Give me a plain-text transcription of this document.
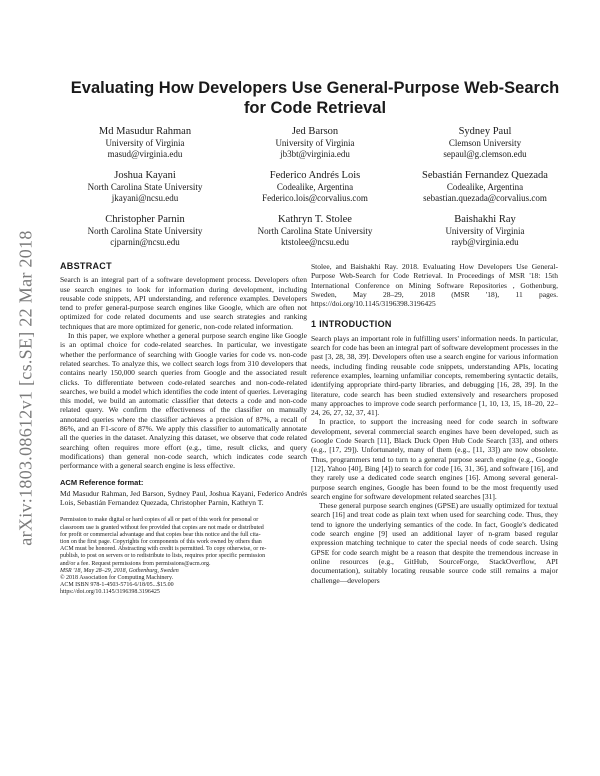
arXiv:1803.08612v1 [cs.SE] 22 Mar 2018
Evaluating How Developers Use General-Purpose Web-Search
for Code Retrieval
Md Masudur Rahman
University of Virginia
masud@virginia.edu
Jed Barson
University of Virginia
jb3bt@virginia.edu
Sydney Paul
Clemson University
sepaul@g.clemson.edu
Joshua Kayani
North Carolina State University
jkayani@ncsu.edu
Federico Andrés Lois
Codealike, Argentina
Federico.lois@corvalius.com
Sebastián Fernandez Quezada
Codealike, Argentina
sebastian.quezada@corvalius.com
Christopher Parnin
North Carolina State University
cjparnin@ncsu.edu
Kathryn T. Stolee
North Carolina State University
ktstolee@ncsu.edu
Baishakhi Ray
University of Virginia
rayb@virginia.edu
ABSTRACT

Search is an integral part of a software development process. Developers often use search engines to look for information during development, including reusable code snippets, API understanding, and reference examples. Developers tend to prefer general-purpose search engines like Google, which are often not optimized for code related documents and use search strategies and ranking techniques that are more optimized for generic, non-code related information.

In this paper, we explore whether a general purpose search engine like Google is an optimal choice for code-related searches. In particular, we investigate whether the performance of searching with Google varies for code vs. non-code related searches. To analyze this, we collect search logs from 310 developers that contains nearly 150,000 search queries from Google and the associated result clicks. To differentiate between code-related searches and non-code-related searches, we build a model which identifies the code intent of queries. Leveraging this model, we build an automatic classifier that detects a code and non-code related query. We confirm the effectiveness of the classifier on manually annotated queries where the classifier achieves a precision of 87%, a recall of 86%, and an F1-score of 87%. We apply this classifier to automatically annotate all the queries in the dataset. Analyzing this dataset, we observe that code related searching often requires more effort (e.g., time, result clicks, and query modifications) than general non-code search, which indicates code search performance with a general search engine is less effective.

ACM Reference format:

Md Masudur Rahman, Jed Barson, Sydney Paul, Joshua Kayani, Federico Andrés Lois, Sebastián Fernandez Quezada, Christopher Parnin, Kathryn T.

Permission to make digital or hard copies of all or part of this work for personal or
classroom use is granted without fee provided that copies are not made or distributed
for profit or commercial advantage and that copies bear this notice and the full cita-
tion on the first page. Copyrights for components of this work owned by others than
ACM must be honored. Abstracting with credit is permitted. To copy otherwise, or re-
publish, to post on servers or to redistribute to lists, requires prior specific permission
and/or a fee. Request permissions from permissions@acm.org.
MSR '18, May 28–29, 2018, Gothenburg, Sweden
© 2018 Association for Computing Machinery.
ACM ISBN 978-1-4503-5716-6/18/05...$15.00
https://doi.org/10.1145/3196398.3196425

Stolee, and Baishakhi Ray. 2018. Evaluating How Developers Use General-Purpose Web-Search for Code Retrieval. In Proceedings of MSR '18: 15th International Conference on Mining Software Repositories , Gothenburg, Sweden, May 28–29, 2018 (MSR '18), 11 pages. https://doi.org/10.1145/3196398.3196425

1 INTRODUCTION

Search plays an important role in fulfilling users' information needs. In particular, search for code has been an integral part of software development processes in the past [3, 28, 38, 39]. Developers often use a search engine for various information needs, including finding reusable code snippets, understanding APIs, locating reference examples, learning unfamiliar concepts, remembering syntactic details, identifying appropriate third-party libraries, and debugging [16, 28, 39]. In the literature, code search has been studied extensively and researchers proposed many approaches to improve code search performance [1, 10, 13, 15, 18–20, 22–24, 26, 27, 32, 37, 41].

In practice, to support the increasing need for code search in software development, several commercial search engines have been developed, such as Google Code Search [11], Black Duck Open Hub Code Search [33], and others (e.g., [17, 29]). Unfortunately, many of them (e.g., [11, 33]) are now obsolete. Thus, programmers tend to turn to a general purpose search engine (e.g., Google [12], Yahoo [40], Bing [4]) to search for code [16, 31, 36], and software [16], and they rarely use a dedicated code search engines [16]. Among several general-purpose search engines, Google has been found to be the most frequently used search engine for software development related searches [31].

These general purpose search engines (GPSE) are usually optimized for textual search [16] and treat code as plain text when used for searching code. Thus, they tend to ignore the underlying semantics of the code. In fact, Google's dedicated code search engine [9] used an additional layer of n-gram based regular expression matching technique to cater the special needs of code search. Using GPSE for code search might be a reason that despite the tremendous increase in online resources (e.g., GitHub, SourceForge, StackOverflow, API documentation), suitably locating reusable source code still remains a major challenge—developers
